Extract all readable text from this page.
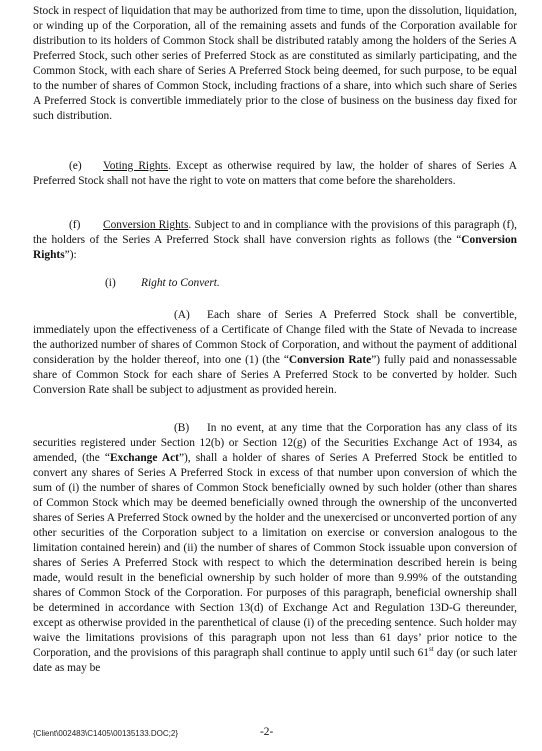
Stock in respect of liquidation that may be authorized from time to time, upon the dissolution, liquidation, or winding up of the Corporation, all of the remaining assets and funds of the Corporation available for distribution to its holders of Common Stock shall be distributed ratably among the holders of the Series A Preferred Stock, such other series of Preferred Stock as are constituted as similarly participating, and the Common Stock, with each share of Series A Preferred Stock being deemed, for such purpose, to be equal to the number of shares of Common Stock, including fractions of a share, into which such share of Series A Preferred Stock is convertible immediately prior to the close of business on the business day fixed for such distribution.

(e) Voting Rights. Except as otherwise required by law, the holder of shares of Series A Preferred Stock shall not have the right to vote on matters that come before the shareholders.

(f) Conversion Rights. Subject to and in compliance with the provisions of this paragraph (f), the holders of the Series A Preferred Stock shall have conversion rights as follows (the “Conversion Rights”):

(i) Right to Convert.

(A) Each share of Series A Preferred Stock shall be convertible, immediately upon the effectiveness of a Certificate of Change filed with the State of Nevada to increase the authorized number of shares of Common Stock of Corporation, and without the payment of additional consideration by the holder thereof, into one (1) (the “Conversion Rate”) fully paid and nonassessable share of Common Stock for each share of Series A Preferred Stock to be converted by holder. Such Conversion Rate shall be subject to adjustment as provided herein.

(B) In no event, at any time that the Corporation has any class of its securities registered under Section 12(b) or Section 12(g) of the Securities Exchange Act of 1934, as amended, (the “Exchange Act”), shall a holder of shares of Series A Preferred Stock be entitled to convert any shares of Series A Preferred Stock in excess of that number upon conversion of which the sum of (i) the number of shares of Common Stock beneficially owned by such holder (other than shares of Common Stock which may be deemed beneficially owned through the ownership of the unconverted shares of Series A Preferred Stock owned by the holder and the unexercised or unconverted portion of any other securities of the Corporation subject to a limitation on exercise or conversion analogous to the limitation contained herein) and (ii) the number of shares of Common Stock issuable upon conversion of shares of Series A Preferred Stock with respect to which the determination described herein is being made, would result in the beneficial ownership by such holder of more than 9.99% of the outstanding shares of Common Stock of the Corporation. For purposes of this paragraph, beneficial ownership shall be determined in accordance with Section 13(d) of Exchange Act and Regulation 13D-G thereunder, except as otherwise provided in the parenthetical of clause (i) of the preceding sentence. Such holder may waive the limitations provisions of this paragraph upon not less than 61 days’ prior notice to the Corporation, and the provisions of this paragraph shall continue to apply until such 61st day (or such later date as may be

{Client\002483\C1405\00135133.DOC;2}	-2-
